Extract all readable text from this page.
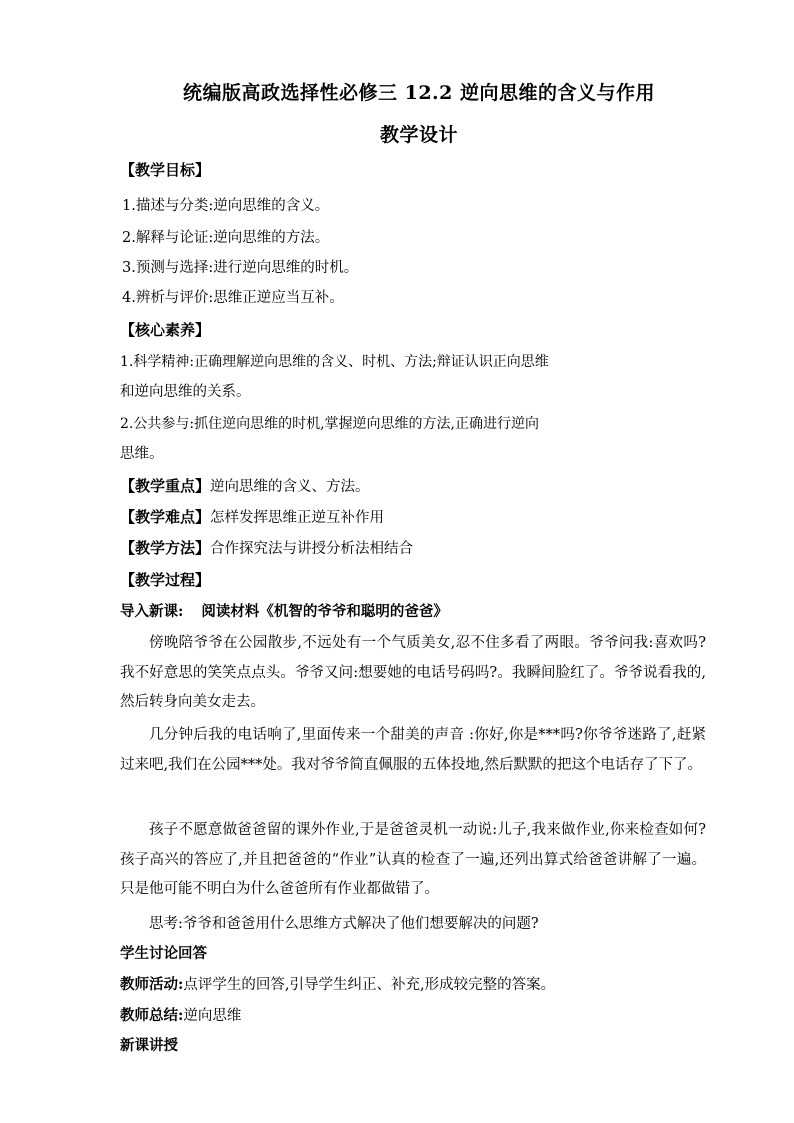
统编版高政选择性必修三 12.2 逆向思维的含义与作用
教学设计
【教学目标】
1.描述与分类:逆向思维的含义。
2.解释与论证:逆向思维的方法。
3.预测与选择:进行逆向思维的时机。
4.辨析与评价:思维正逆应当互补。
【核心素养】
1.科学精神:正确理解逆向思维的含义、时机、方法;辩证认识正向思维
和逆向思维的关系。
2.公共参与:抓住逆向思维的时机,掌握逆向思维的方法,正确进行逆向
思维。
【教学重点】逆向思维的含义、方法。
【教学难点】怎样发挥思维正逆互补作用
【教学方法】合作探究法与讲授分析法相结合
【教学过程】
导入新课: 阅读材料《机智的爷爷和聪明的爸爸》
傍晚陪爷爷在公园散步,不远处有一个气质美女,忍不住多看了两眼。爷爷问我:喜欢吗?我不好意思的笑笑点点头。爷爷又问:想要她的电话号码吗?。我瞬间脸红了。爷爷说看我的,然后转身向美女走去。
几分钟后我的电话响了,里面传来一个甜美的声音 :你好,你是***吗?你爷爷迷路了,赶紧过来吧,我们在公园***处。我对爷爷简直佩服的五体投地,然后默默的把这个电话存了下了。
孩子不愿意做爸爸留的课外作业,于是爸爸灵机一动说:儿子,我来做作业,你来检查如何?孩子高兴的答应了,并且把爸爸的“作业”认真的检查了一遍,还列出算式给爸爸讲解了一遍。只是他可能不明白为什么爸爸所有作业都做错了。
思考:爷爷和爸爸用什么思维方式解决了他们想要解决的问题?
学生讨论回答
教师活动:点评学生的回答,引导学生纠正、补充,形成较完整的答案。
教师总结:逆向思维
新课讲授
